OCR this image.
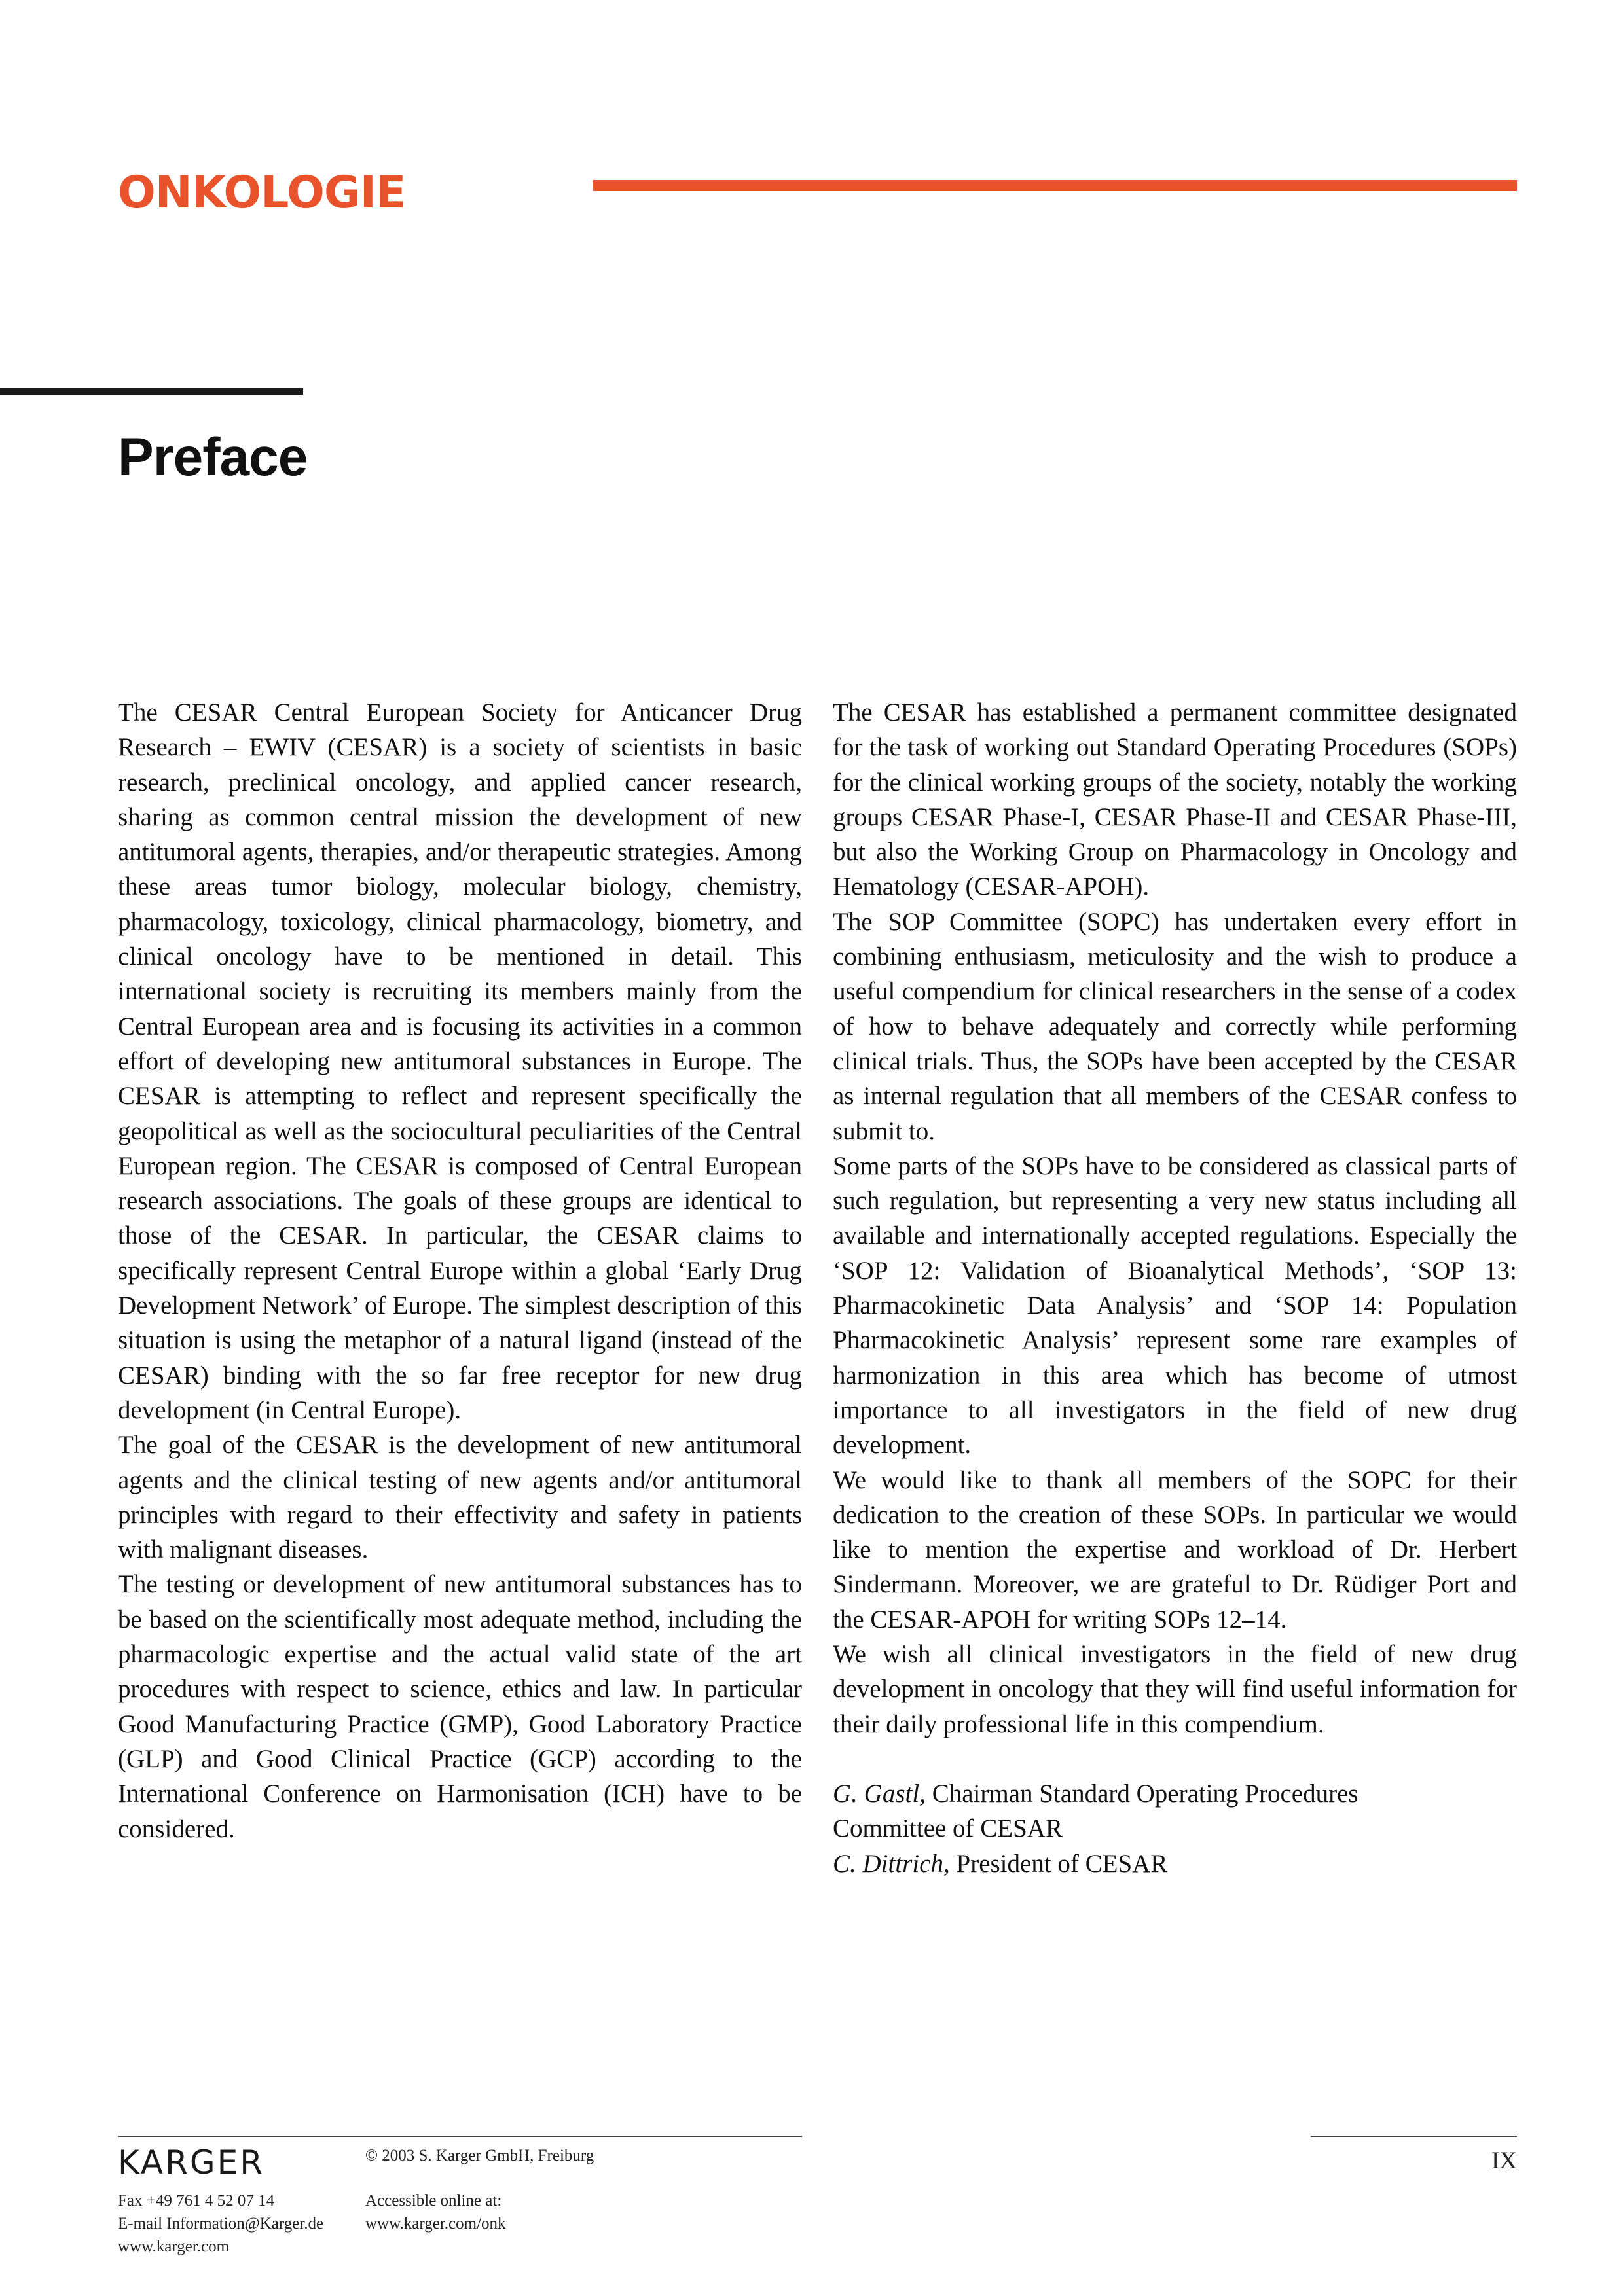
ONKOLOGIE
Preface

The CESAR Central European Society for Anticancer Drug Research – EWIV (CESAR) is a society of scientists in basic research, preclinical oncology, and applied cancer research, sharing as common central mission the development of new antitumoral agents, therapies, and/or therapeutic strategies. Among these areas tumor biology, molecular biology, chemistry, pharmacology, toxicology, clinical pharmacology, biometry, and clinical oncology have to be mentioned in detail. This international society is recruiting its members mainly from the Central European area and is focusing its activities in a common effort of developing new antitumoral substances in Europe. The CESAR is attempting to reflect and represent specifically the geopolitical as well as the sociocultural peculiarities of the Central European region. The CESAR is composed of Central European research associations. The goals of these groups are identical to those of the CESAR. In particular, the CESAR claims to specifically represent Central Europe within a global ‘Early Drug Development Network’ of Europe. The simplest description of this situation is using the metaphor of a natural ligand (instead of the CESAR) binding with the so far free receptor for new drug development (in Central Europe).

The goal of the CESAR is the development of new antitumoral agents and the clinical testing of new agents and/or antitumoral principles with regard to their effectivity and safety in patients with malignant diseases.

The testing or development of new antitumoral substances has to be based on the scientifically most adequate method, including the pharmacologic expertise and the actual valid state of the art procedures with respect to science, ethics and law. In particular Good Manufacturing Practice (GMP), Good Laboratory Practice (GLP) and Good Clinical Practice (GCP) according to the International Conference on Harmonisation (ICH) have to be considered.

The CESAR has established a permanent committee designated for the task of working out Standard Operating Procedures (SOPs) for the clinical working groups of the society, notably the working groups CESAR Phase-I, CESAR Phase-II and CESAR Phase-III, but also the Working Group on Pharmacology in Oncology and Hematology (CESAR-APOH).

The SOP Committee (SOPC) has undertaken every effort in combining enthusiasm, meticulosity and the wish to produce a useful compendium for clinical researchers in the sense of a codex of how to behave adequately and correctly while performing clinical trials. Thus, the SOPs have been accepted by the CESAR as internal regulation that all members of the CESAR confess to submit to.

Some parts of the SOPs have to be considered as classical parts of such regulation, but representing a very new status including all available and internationally accepted regulations. Especially the ‘SOP 12: Validation of Bioanalytical Methods’, ‘SOP 13: Pharmacokinetic Data Analysis’ and ‘SOP 14: Population Pharmacokinetic Analysis’ represent some rare examples of harmonization in this area which has become of utmost importance to all investigators in the field of new drug development.

We would like to thank all members of the SOPC for their dedication to the creation of these SOPs. In particular we would like to mention the expertise and workload of Dr. Herbert Sindermann. Moreover, we are grateful to Dr. Rüdiger Port and the CESAR-APOH for writing SOPs 12–14.

We wish all clinical investigators in the field of new drug development in oncology that they will find useful information for their daily professional life in this compendium.

G. Gastl, Chairman Standard Operating Procedures

Committee of CESAR

C. Dittrich, President of CESAR

KARGER	© 2003 S. Karger GmbH, Freiburg	IX
Fax +49 761 4 52 07 14
E-mail Information@Karger.de
www.karger.com
Accessible online at:
www.karger.com/onk
